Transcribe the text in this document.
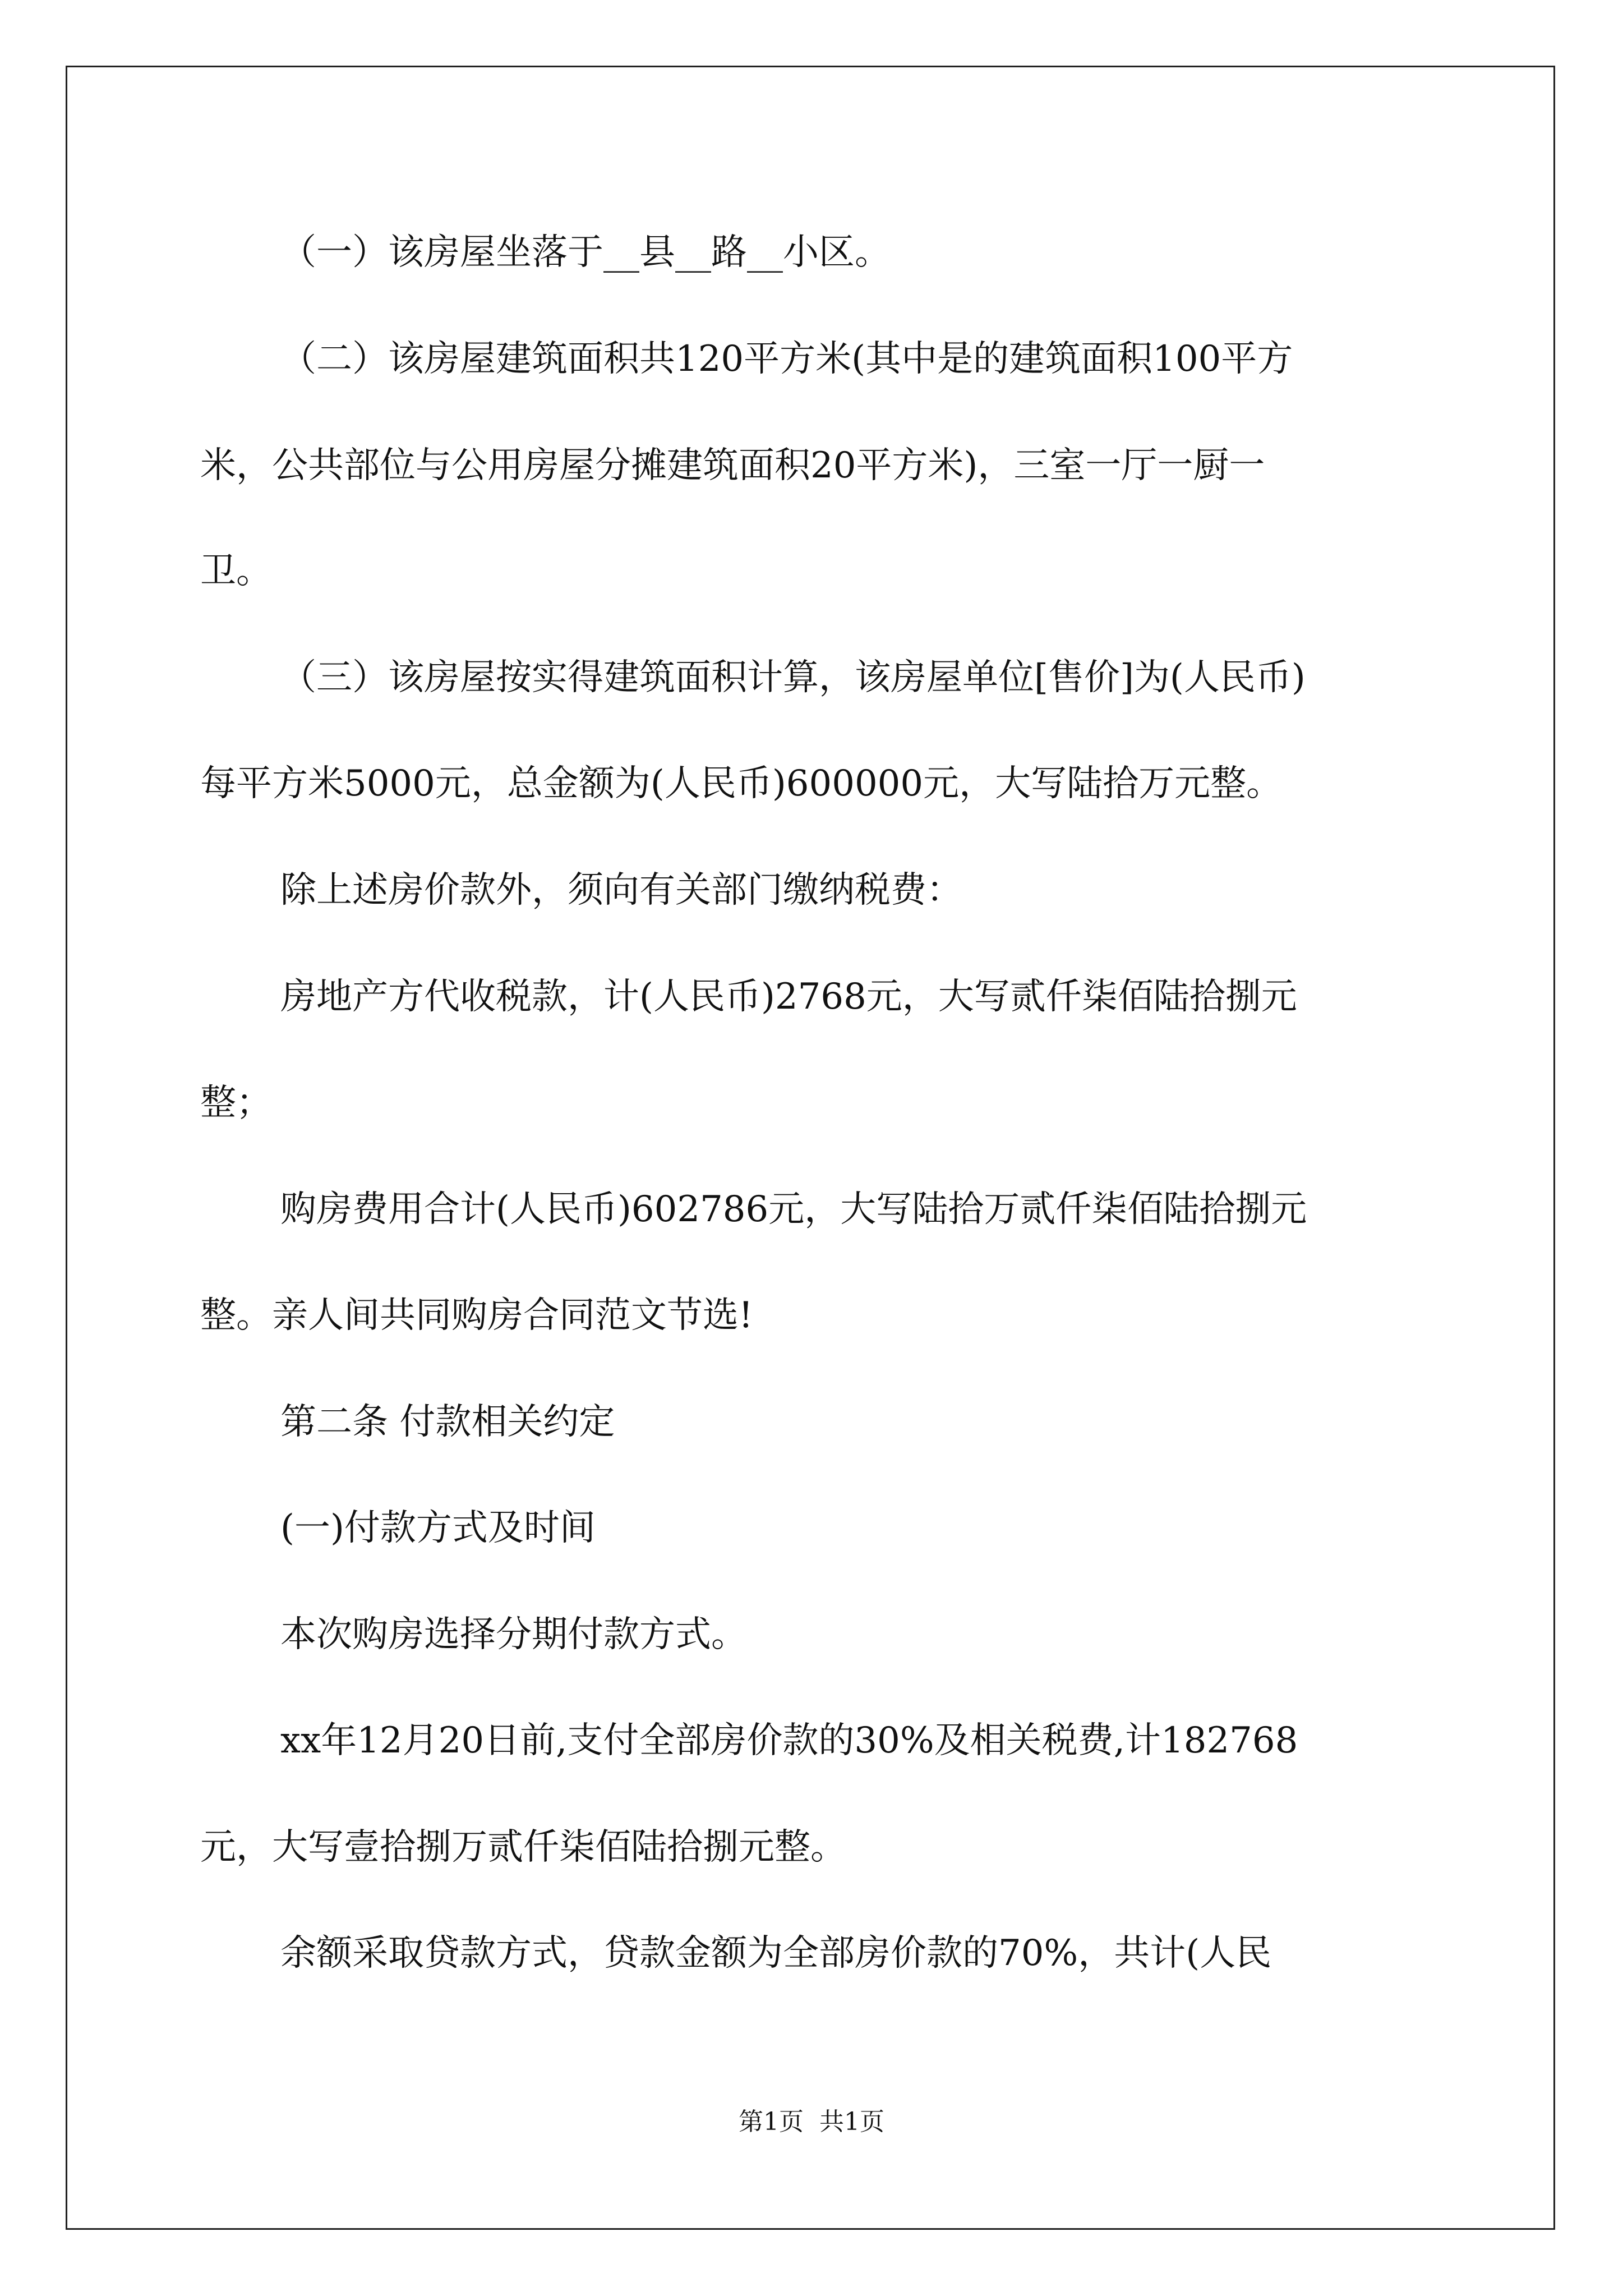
（一）该房屋坐落于__县__路__小区。
（二）该房屋建筑面积共120平方米(其中是的建筑面积100平方
米，公共部位与公用房屋分摊建筑面积20平方米)，三室一厅一厨一
卫。
（三）该房屋按实得建筑面积计算，该房屋单位[售价]为(人民币)
每平方米5000元，总金额为(人民币)600000元，大写陆拾万元整。
除上述房价款外，须向有关部门缴纳税费：
房地产方代收税款，计(人民币)2768元，大写贰仟柒佰陆拾捌元
整；
购房费用合计(人民币)602786元，大写陆拾万贰仟柒佰陆拾捌元
整。亲人间共同购房合同范文节选!
第二条 付款相关约定
(一)付款方式及时间
本次购房选择分期付款方式。
xx年12月20日前,支付全部房价款的30%及相关税费,计182768
元，大写壹拾捌万贰仟柒佰陆拾捌元整。
余额采取贷款方式，贷款金额为全部房价款的70%，共计(人民
第1页  共1页
